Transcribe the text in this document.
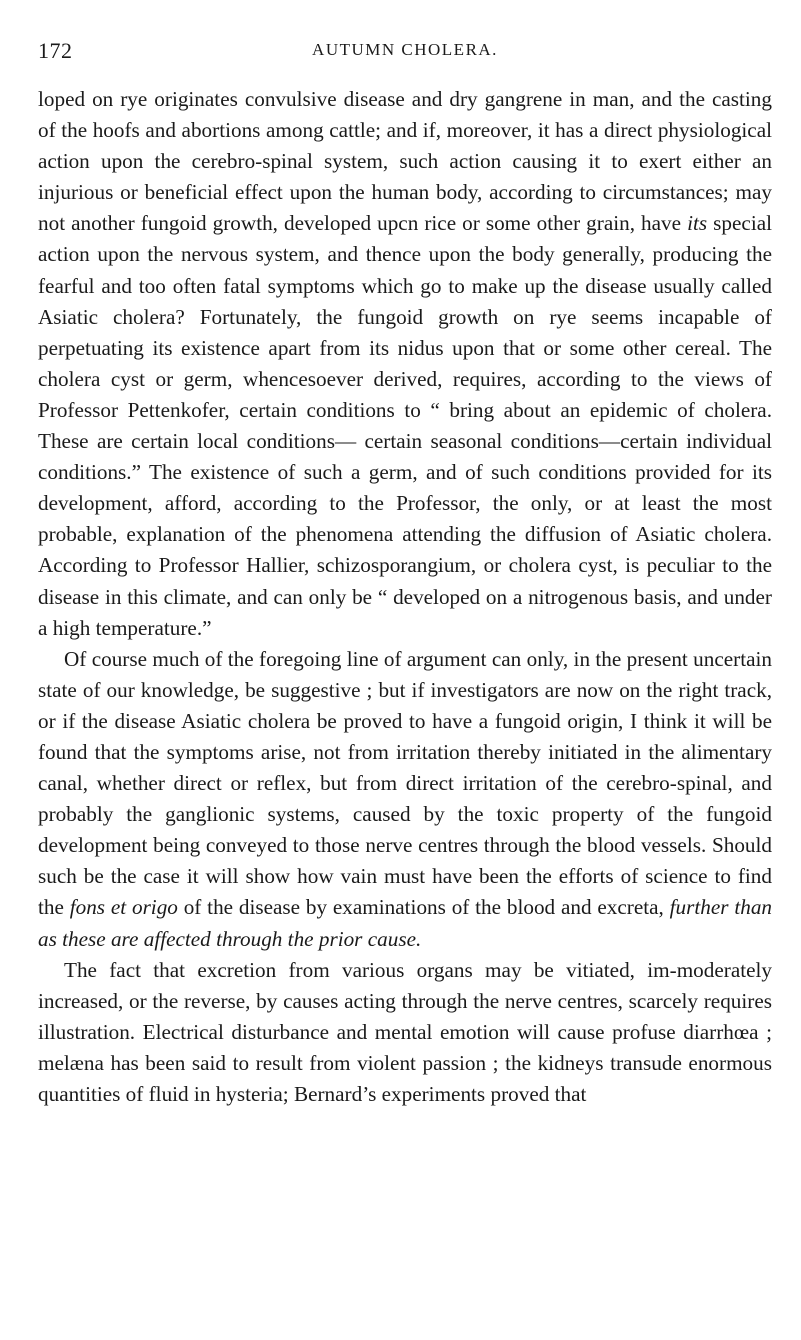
172	AUTUMN CHOLERA.

loped on rye originates convulsive disease and dry gangrene in man, and the casting of the hoofs and abortions among cattle; and if, moreover, it has a direct physiological action upon the cerebro-spinal system, such action causing it to exert either an injurious or beneficial effect upon the human body, according to circumstances; may not another fungoid growth, developed upcn rice or some other grain, have its special action upon the nervous system, and thence upon the body generally, producing the fearful and too often fatal symptoms which go to make up the disease usually called Asiatic cholera? Fortunately, the fungoid growth on rye seems incapable of perpetuating its existence apart from its nidus upon that or some other cereal. The cholera cyst or germ, whencesoever derived, requires, according to the views of Professor Pettenkofer, certain conditions to “ bring about an epidemic of cholera. These are certain local conditions— certain seasonal conditions—certain individual conditions.” The existence of such a germ, and of such conditions provided for its development, afford, according to the Professor, the only, or at least the most probable, explanation of the phenomena attending the diffusion of Asiatic cholera. According to Professor Hallier, schizosporangium, or cholera cyst, is peculiar to the disease in this climate, and can only be “ developed on a nitrogenous basis, and under a high temperature.”

Of course much of the foregoing line of argument can only, in the present uncertain state of our knowledge, be suggestive ; but if investigators are now on the right track, or if the disease Asiatic cholera be proved to have a fungoid origin, I think it will be found that the symptoms arise, not from irritation thereby initiated in the alimentary canal, whether direct or reflex, but from direct irritation of the cerebro-spinal, and probably the ganglionic systems, caused by the toxic property of the fungoid development being conveyed to those nerve centres through the blood vessels. Should such be the case it will show how vain must have been the efforts of science to find the fons et origo of the disease by examinations of the blood and excreta, further than as these are affected through the prior cause.

The fact that excretion from various organs may be vitiated, im-moderately increased, or the reverse, by causes acting through the nerve centres, scarcely requires illustration. Electrical disturbance and mental emotion will cause profuse diarrhœa ; melæna has been said to result from violent passion ; the kidneys transude enormous quantities of fluid in hysteria; Bernard’s experiments proved that
